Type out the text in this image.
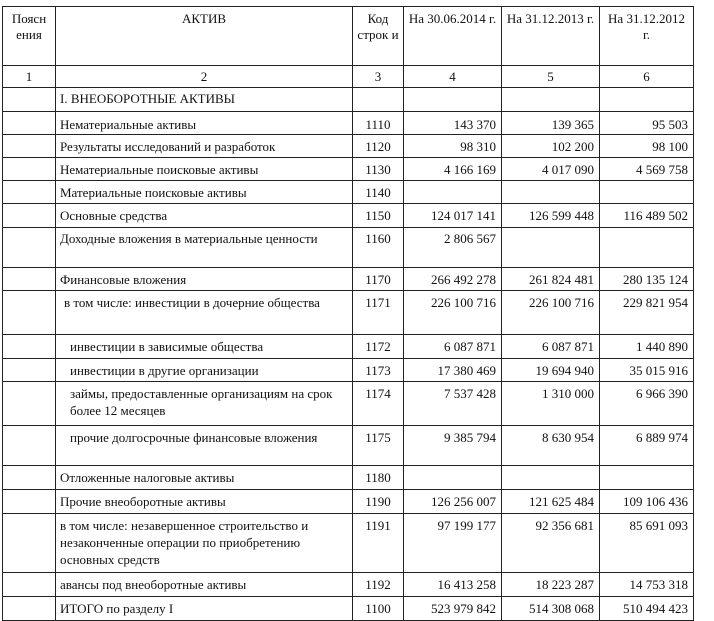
Поясн ения	АКТИВ	Код строк и	На 30.06.2014 г.	На 31.12.2013 г.	На 31.12.2012 г.
1	2	3	4	5	6
	I. ВНЕОБОРОТНЫЕ АКТИВЫ				
	Нематериальные активы	1110	143 370	139 365	95 503
	Результаты исследований и разработок	1120	98 310	102 200	98 100
	Нематериальные поисковые активы	1130	4 166 169	4 017 090	4 569 758
	Материальные поисковые активы	1140			
	Основные средства	1150	124 017 141	126 599 448	116 489 502
	Доходные вложения в материальные ценности	1160	2 806 567		
	Финансовые вложения	1170	266 492 278	261 824 481	280 135 124
	в том числе: инвестиции в дочерние общества	1171	226 100 716	226 100 716	229 821 954
	инвестиции в зависимые общества	1172	6 087 871	6 087 871	1 440 890
	инвестиции в другие организации	1173	17 380 469	19 694 940	35 015 916
	займы, предоставленные организациям на срок более 12 месяцев	1174	7 537 428	1 310 000	6 966 390
	прочие долгосрочные финансовые вложения	1175	9 385 794	8 630 954	6 889 974
	Отложенные налоговые активы	1180			
	Прочие внеоборотные активы	1190	126 256 007	121 625 484	109 106 436
	в том числе: незавершенное строительство и незаконченные операции по приобретению основных средств	1191	97 199 177	92 356 681	85 691 093
	авансы под внеоборотные активы	1192	16 413 258	18 223 287	14 753 318
	ИТОГО по разделу I	1100	523 979 842	514 308 068	510 494 423
